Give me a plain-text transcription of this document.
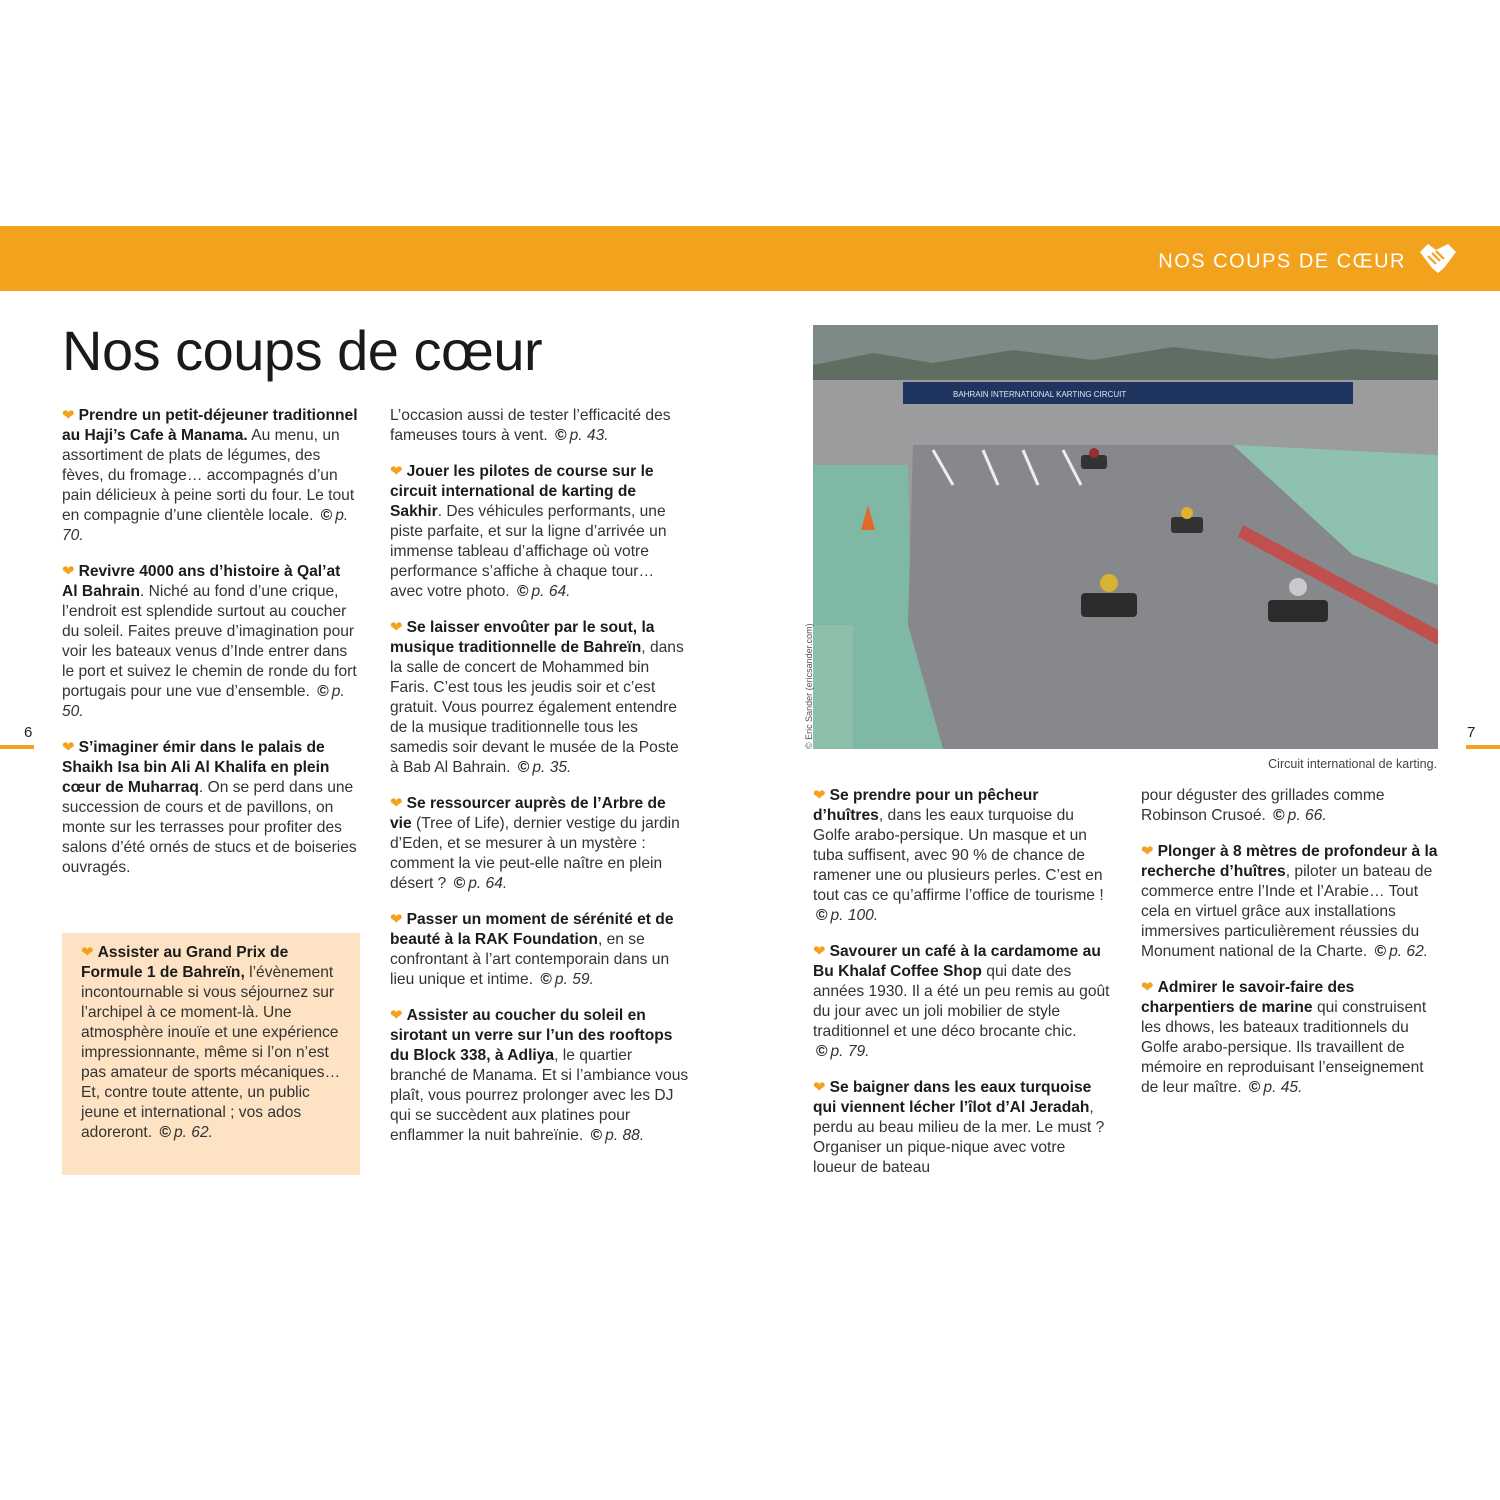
NOS COUPS DE CŒUR
Nos coups de cœur

❤ Prendre un petit-déjeuner traditionnel au Haji’s Cafe à Manama. Au menu, un assortiment de plats de légumes, des fèves, du fromage… accompagnés d’un pain délicieux à peine sorti du four. Le tout en compagnie d’une clientèle locale. © p. 70.

❤ Revivre 4000 ans d’histoire à Qal’at Al Bahrain. Niché au fond d’une crique, l’endroit est splendide surtout au coucher du soleil. Faites preuve d’imagination pour voir les bateaux venus d’Inde entrer dans le port et suivez le chemin de ronde du fort portugais pour une vue d’ensemble. © p. 50.

❤ S’imaginer émir dans le palais de Shaikh Isa bin Ali Al Khalifa en plein cœur de Muharraq. On se perd dans une succession de cours et de pavillons, on monte sur les terrasses pour profiter des salons d’été ornés de stucs et de boiseries ouvragés.

❤ Assister au Grand Prix de Formule 1 de Bahreïn, l’évènement incontournable si vous séjournez sur l’archipel à ce moment-là. Une atmosphère inouïe et une expérience impressionnante, même si l’on n’est pas amateur de sports mécaniques… Et, contre toute attente, un public jeune et international ; vos ados adoreront. © p. 62.

L’occasion aussi de tester l’efficacité des fameuses tours à vent. © p. 43.

❤ Jouer les pilotes de course sur le circuit international de karting de Sakhir. Des véhicules performants, une piste parfaite, et sur la ligne d’arrivée un immense tableau d’affichage où votre performance s’affiche à chaque tour… avec votre photo. © p. 64.

❤ Se laisser envoûter par le sout, la musique traditionnelle de Bahreïn, dans la salle de concert de Mohammed bin Faris. C’est tous les jeudis soir et c’est gratuit. Vous pourrez également entendre de la musique traditionnelle tous les samedis soir devant le musée de la Poste à Bab Al Bahrain. © p. 35.

❤ Se ressourcer auprès de l’Arbre de vie (Tree of Life), dernier vestige du jardin d’Eden, et se mesurer à un mystère : comment la vie peut-elle naître en plein désert ? © p. 64.

❤ Passer un moment de sérénité et de beauté à la RAK Foundation, en se confrontant à l’art contemporain dans un lieu unique et intime. © p. 59.

❤ Assister au coucher du soleil en sirotant un verre sur l’un des rooftops du Block 338, à Adliya, le quartier branché de Manama. Et si l’ambiance vous plaît, vous pourrez prolonger avec les DJ qui se succèdent aux platines pour enflammer la nuit bahreïnie. © p. 88.

6	7
BAHRAIN INTERNATIONAL KARTING CIRCUIT
© Eric Sander (ericsander.com)
Circuit international de karting.

❤ Se prendre pour un pêcheur d’huîtres, dans les eaux turquoise du Golfe arabo-persique. Un masque et un tuba suffisent, avec 90 % de chance de ramener une ou plusieurs perles. C’est en tout cas ce qu’affirme l’office de tourisme ! © p. 100.

❤ Savourer un café à la cardamome au Bu Khalaf Coffee Shop qui date des années 1930. Il a été un peu remis au goût du jour avec un joli mobilier de style traditionnel et une déco brocante chic. © p. 79.

❤ Se baigner dans les eaux turquoise qui viennent lécher l’îlot d’Al Jeradah, perdu au beau milieu de la mer. Le must ? Organiser un pique-nique avec votre loueur de bateau

pour déguster des grillades comme Robinson Crusoé. © p. 66.

❤ Plonger à 8 mètres de profondeur à la recherche d’huîtres, piloter un bateau de commerce entre l’Inde et l’Arabie… Tout cela en virtuel grâce aux installations immersives particulièrement réussies du Monument national de la Charte. © p. 62.

❤ Admirer le savoir-faire des charpentiers de marine qui construisent les dhows, les bateaux traditionnels du Golfe arabo-persique. Ils travaillent de mémoire en reproduisant l’enseignement de leur maître. © p. 45.
